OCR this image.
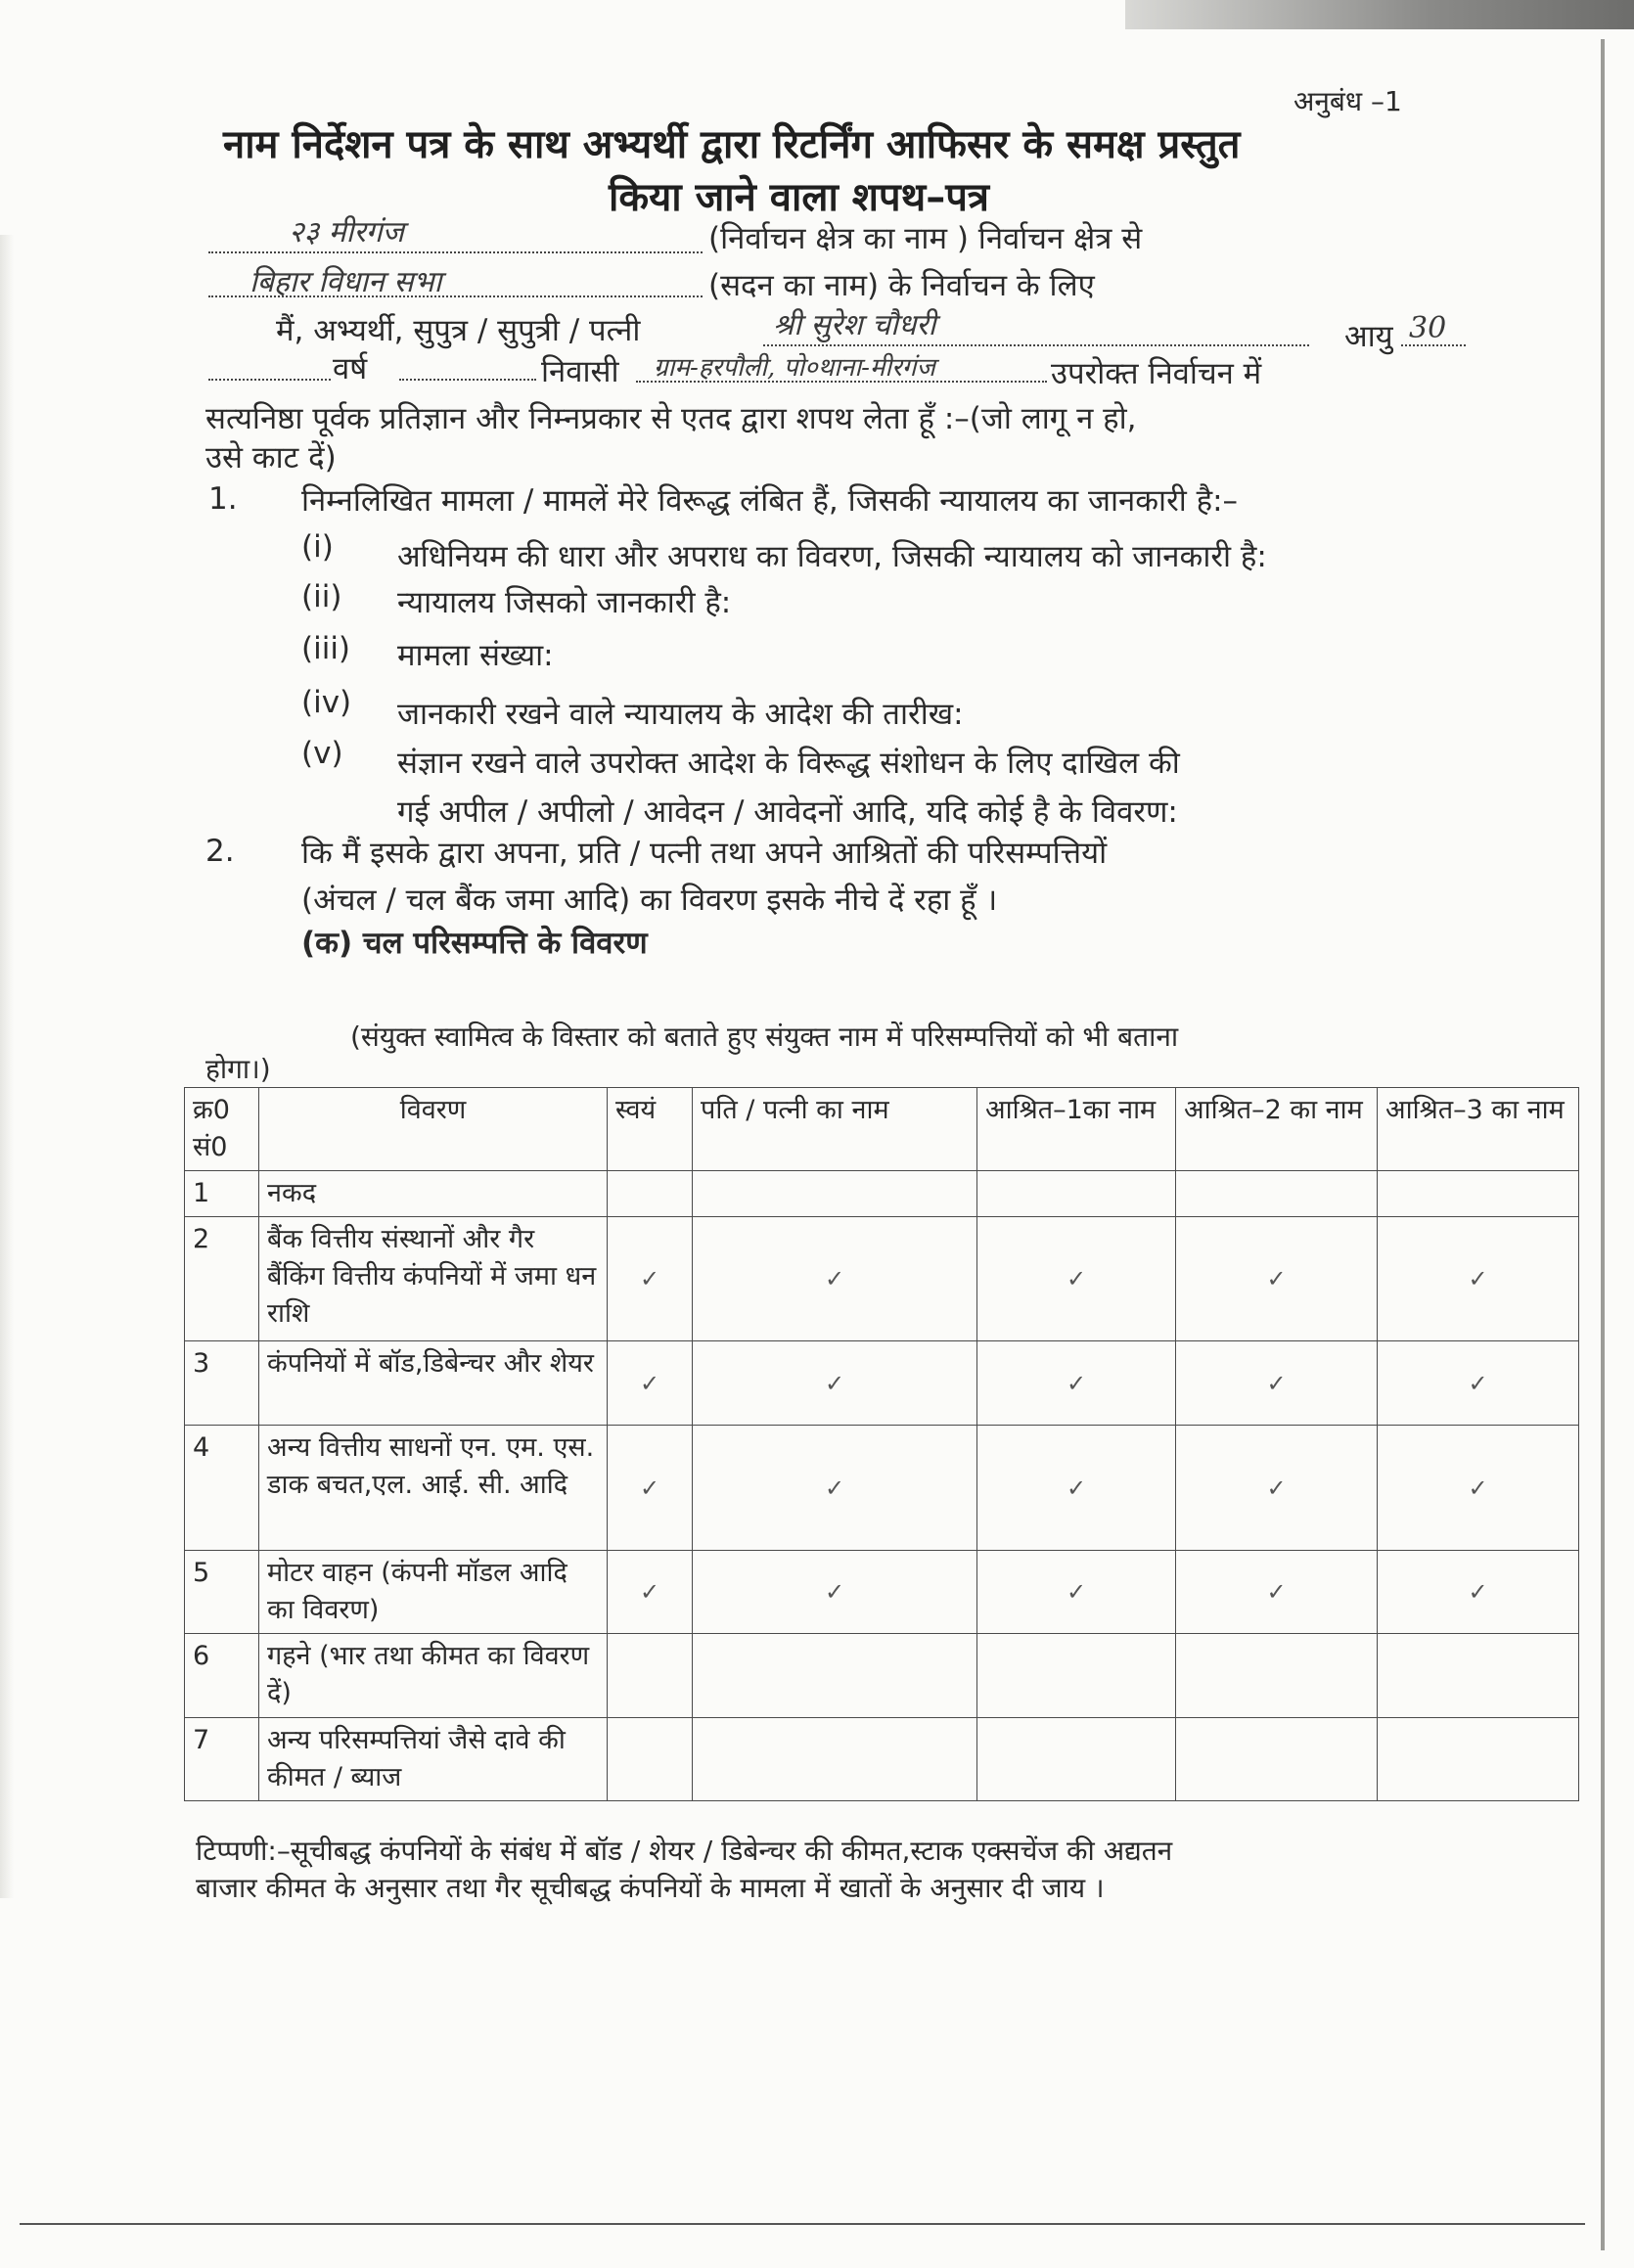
अनुबंध –1
नाम निर्देशन पत्र के साथ अभ्यर्थी द्वारा रिटर्निंग आफिसर के समक्ष प्रस्तुत
किया जाने वाला शपथ–पत्र
२३ मीरगंज	(निर्वाचन क्षेत्र का नाम ) निर्वाचन क्षेत्र से
बिहार विधान सभा	(सदन का नाम) के निर्वाचन के लिए
मैं, अभ्यर्थी, सुपुत्र / सुपुत्री / पत्नी	श्री सुरेश चौधरी	आयु 30
वर्ष	निवासी ग्राम-हरपौली, पो०थाना-मीरगंज	उपरोक्त निर्वाचन में
सत्यनिष्ठा पूर्वक प्रतिज्ञान और निम्नप्रकार से एतद द्वारा शपथ लेता हूँ :–(जो लागू न हो,
उसे काट दें)
1. निम्नलिखित मामला / मामलें मेरे विरूद्ध लंबित हैं, जिसकी न्यायालय का जानकारी है:–
(i) अधिनियम की धारा और अपराध का विवरण, जिसकी न्यायालय को जानकारी है:
(ii) न्यायालय जिसको जानकारी है:
(iii) मामला संख्या:
(iv) जानकारी रखने वाले न्यायालय के आदेश की तारीख:
(v) संज्ञान रखने वाले उपरोक्त आदेश के विरूद्ध संशोधन के लिए दाखिल की
गई अपील / अपीलो / आवेदन / आवेदनों आदि, यदि कोई है के विवरण:
2. कि मैं इसके द्वारा अपना, प्रति / पत्नी तथा अपने आश्रितों की परिसम्पत्तियों
(अंचल / चल बैंक जमा आदि) का विवरण इसके नीचे दें रहा हूँ ।
(क) चल परिसम्पत्ति के विवरण
(संयुक्त स्वामित्व के विस्तार को बताते हुए संयुक्त नाम में परिसम्पत्तियों को भी बताना
होगा।)
क्र0 सं0	विवरण	स्वयं	पति / पत्नी का नाम	आश्रित–1का नाम	आश्रित–2 का नाम	आश्रित–3 का नाम
1	नकद					
2	बैंक वित्तीय संस्थानों और गैर बैंकिंग वित्तीय कंपनियों में जमा धन राशि	✓	✓	✓	✓	✓
3	कंपनियों में बॉड,डिबेन्चर और शेयर	✓	✓	✓	✓	✓
4	अन्य वित्तीय साधनों एन. एम. एस. डाक बचत,एल. आई. सी. आदि	✓	✓	✓	✓	✓
5	मोटर वाहन (कंपनी मॉडल आदि का विवरण)	✓	✓	✓	✓	✓
6	गहने (भार तथा कीमत का विवरण दें)					
7	अन्य परिसम्पत्तियां जैसे दावे की कीमत / ब्याज					
टिप्पणी:–सूचीबद्ध कंपनियों के संबंध में बॉड / शेयर / डिबेन्चर की कीमत,स्टाक एक्सचेंज की अद्यतन
बाजार कीमत के अनुसार तथा गैर सूचीबद्ध कंपनियों के मामला में खातों के अनुसार दी जाय ।
